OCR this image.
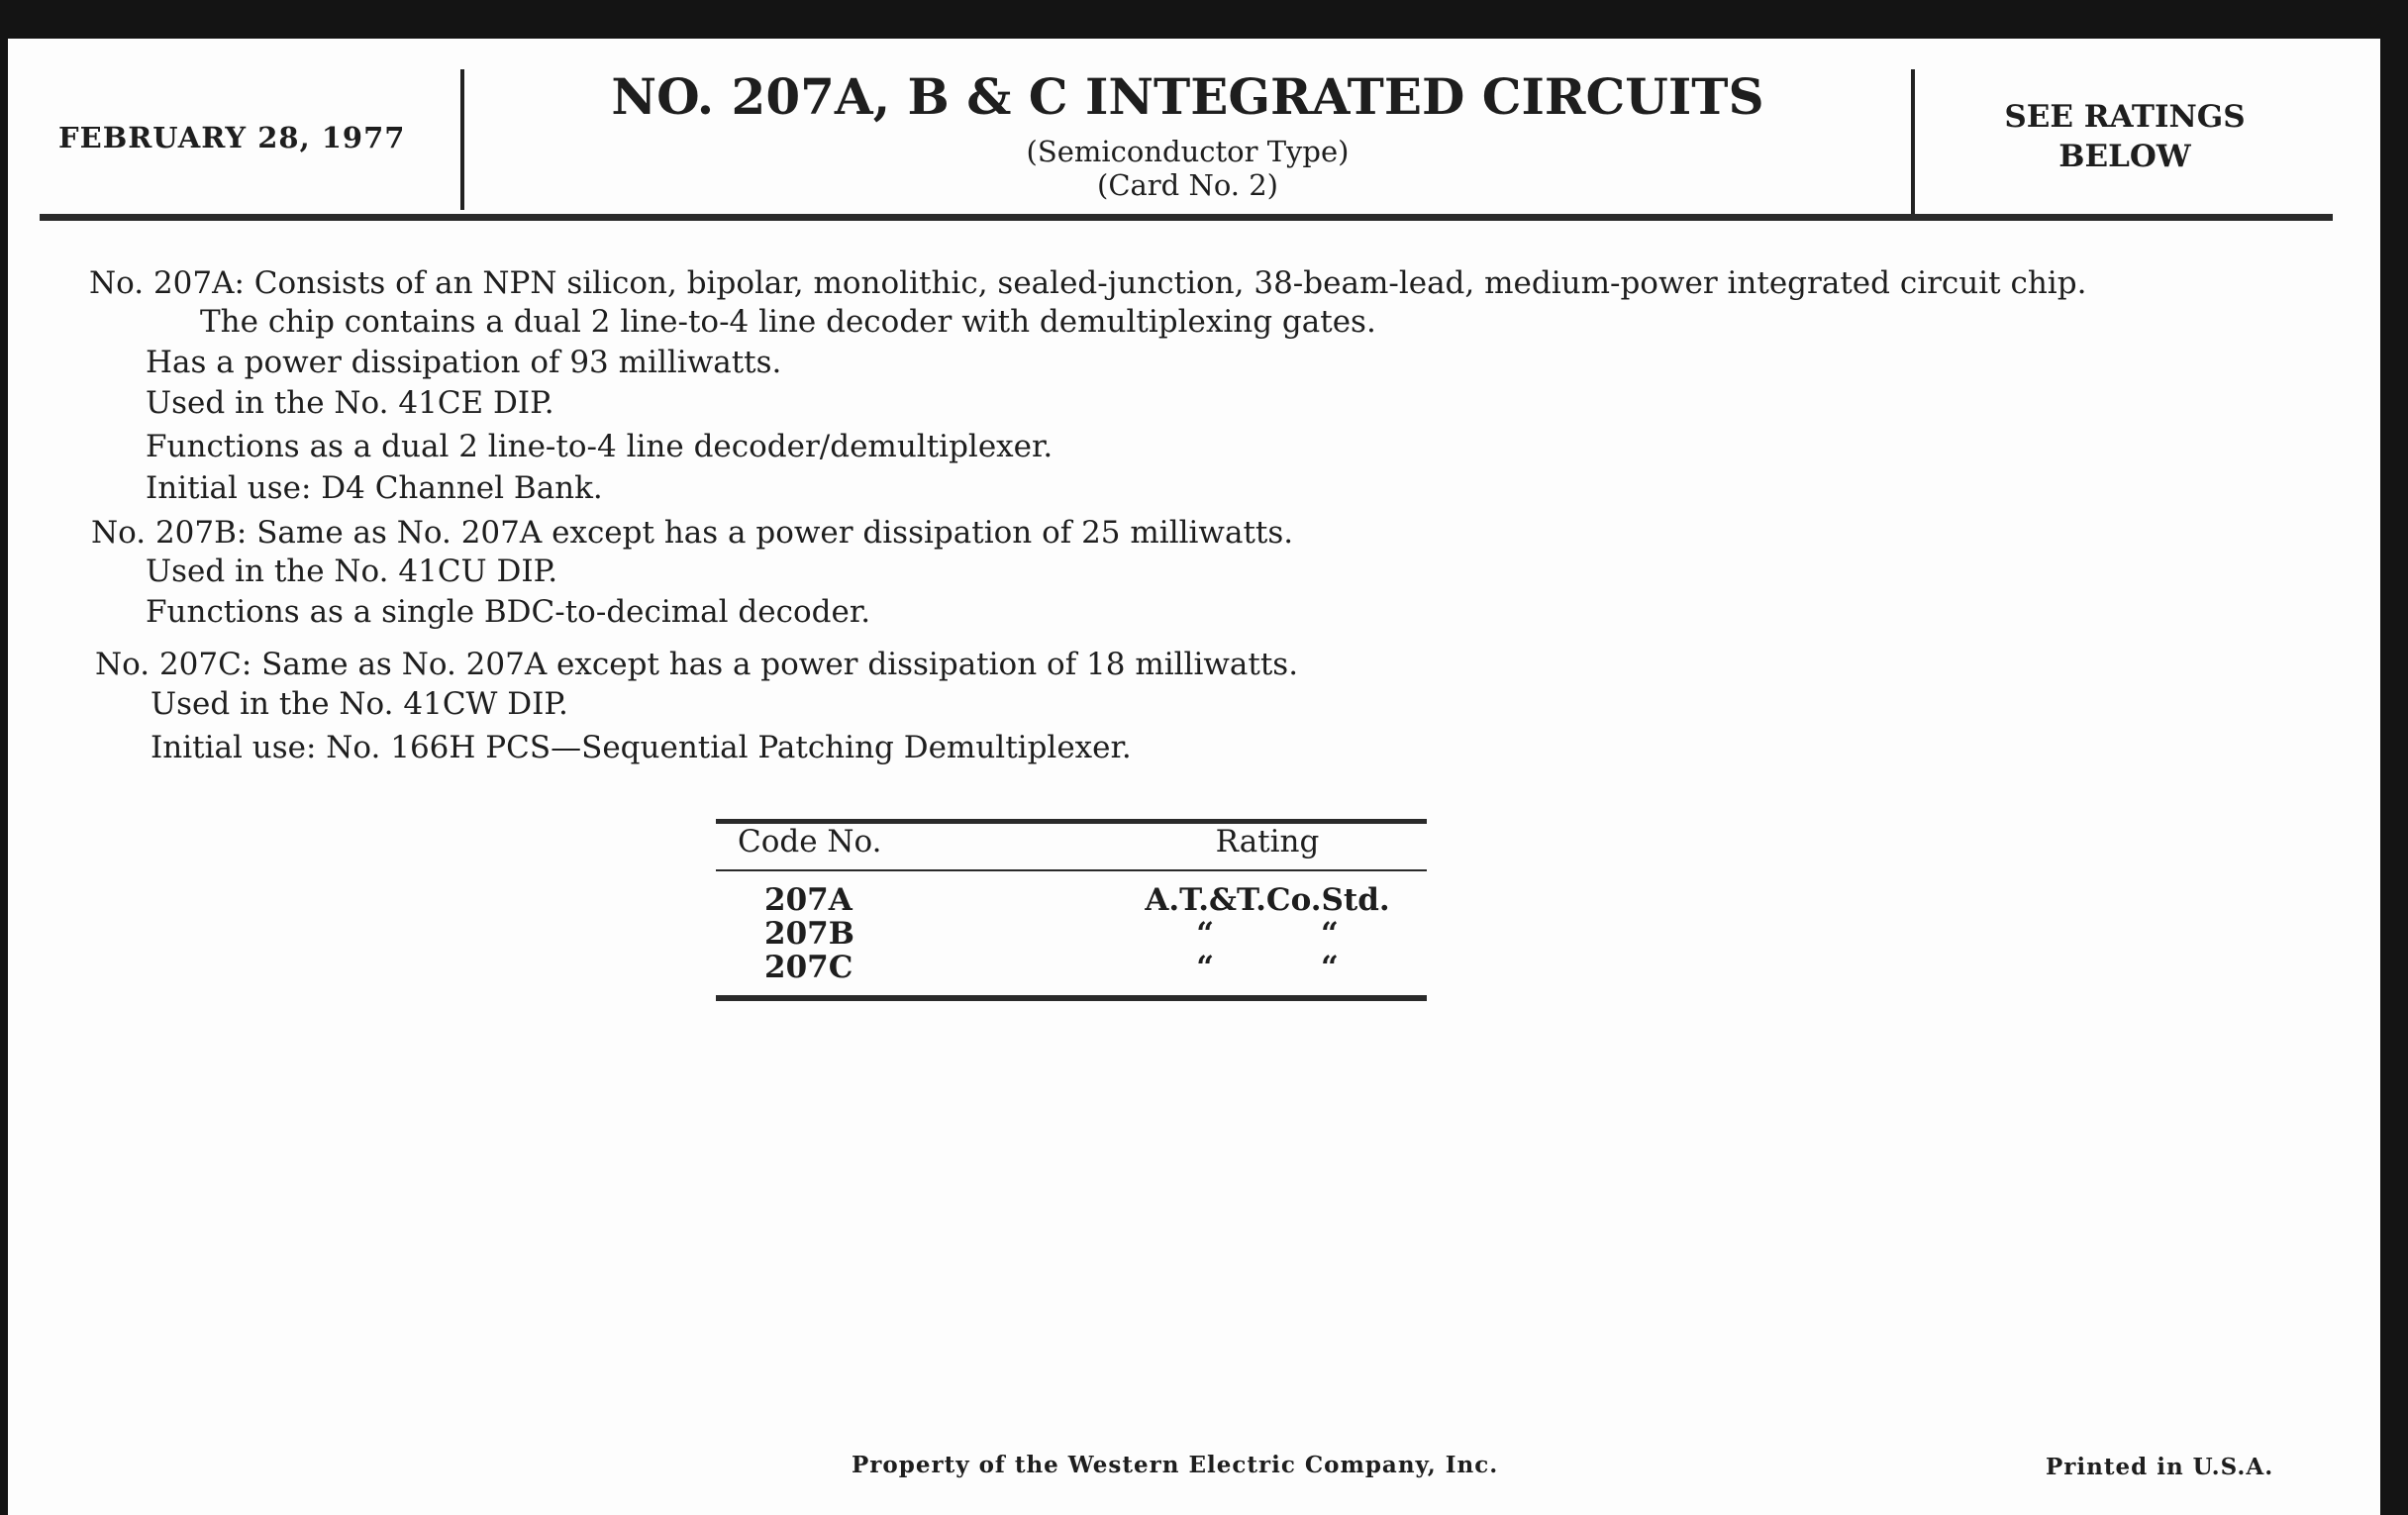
FEBRUARY 28, 1977
NO. 207A, B & C INTEGRATED CIRCUITS
(Semiconductor Type)
(Card No. 2)
SEE RATINGS
BELOW
No. 207A: Consists of an NPN silicon, bipolar, monolithic, sealed-junction, 38-beam-lead, medium-power integrated circuit chip.
The chip contains a dual 2 line-to-4 line decoder with demultiplexing gates.
Has a power dissipation of 93 milliwatts.
Used in the No. 41CE DIP.
Functions as a dual 2 line-to-4 line decoder/demultiplexer.
Initial use: D4 Channel Bank.
No. 207B: Same as No. 207A except has a power dissipation of 25 milliwatts.
Used in the No. 41CU DIP.
Functions as a single BDC-to-decimal decoder.
No. 207C: Same as No. 207A except has a power dissipation of 18 milliwatts.
Used in the No. 41CW DIP.
Initial use: No. 166H PCS—Sequential Patching Demultiplexer.
Code No.	Rating
207A	A.T.&T.Co.Std.
207B	“          “
207C	“          “
Property of the Western Electric Company, Inc.	Printed in U.S.A.
